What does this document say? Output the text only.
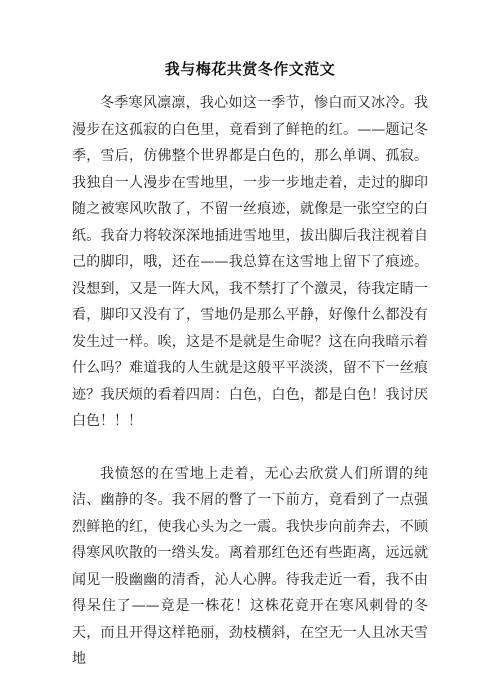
我与梅花共赏冬作文范文

冬季寒风凛凛，我心如这一季节，惨白而又冰冷。我漫步在这孤寂的白色里，竟看到了鲜艳的红。——题记冬季，雪后，仿佛整个世界都是白色的，那么单调、孤寂。我独自一人漫步在雪地里，一步一步地走着，走过的脚印随之被寒风吹散了，不留一丝痕迹，就像是一张空空的白纸。我奋力将较深深地插进雪地里，拔出脚后我注视着自己的脚印，哦，还在——我总算在这雪地上留下了痕迹。没想到，又是一阵大风，我不禁打了个激灵，待我定睛一看，脚印又没有了，雪地仍是那么平静，好像什么都没有发生过一样。唉，这是不是就是生命呢？这在向我暗示着什么吗？难道我的人生就是这般平平淡淡，留不下一丝痕迹？我厌烦的看着四周：白色，白色，都是白色！我讨厌白色！！！

我愤怒的在雪地上走着，无心去欣赏人们所谓的纯洁、幽静的冬。我不屑的瞥了一下前方，竟看到了一点强烈鲜艳的红，使我心头为之一震。我快步向前奔去，不顾得寒风吹散的一绺头发。离着那红色还有些距离，远远就闻见一股幽幽的清香，沁人心脾。待我走近一看，我不由得呆住了——竟是一株花！这株花竟开在寒风刺骨的冬天，而且开得这样艳丽，劲枝横斜，在空无一人且冰天雪地
